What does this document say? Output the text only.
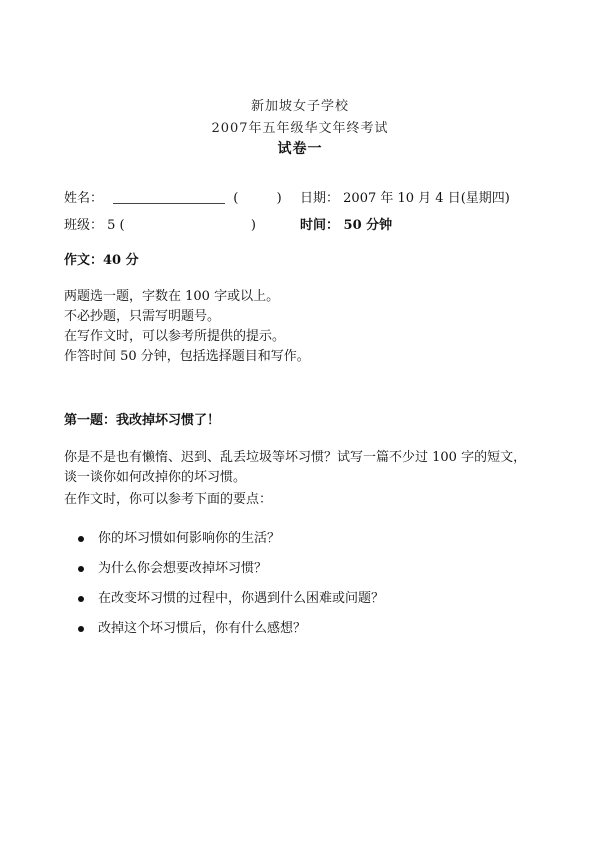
新加坡女子学校
2007年五年级华文年终考试
试卷一
姓名：	(	) 日期： 2007 年 10 月 4 日(星期四)
班级： 5 (	)	时间： 50 分钟
作文：40 分
两题选一题，字数在 100 字或以上。
不必抄题，只需写明题号。
在写作文时，可以参考所提供的提示。
作答时间 50 分钟，包括选择题目和写作。
第一题：我改掉坏习惯了！
你是不是也有懒惰、迟到、乱丢垃圾等坏习惯？试写一篇不少过 100 字的短文，谈一谈你如何改掉你的坏习惯。
在作文时，你可以参考下面的要点：
你的坏习惯如何影响你的生活？
为什么你会想要改掉坏习惯？
在改变坏习惯的过程中，你遇到什么困难或问题？
改掉这个坏习惯后，你有什么感想？
